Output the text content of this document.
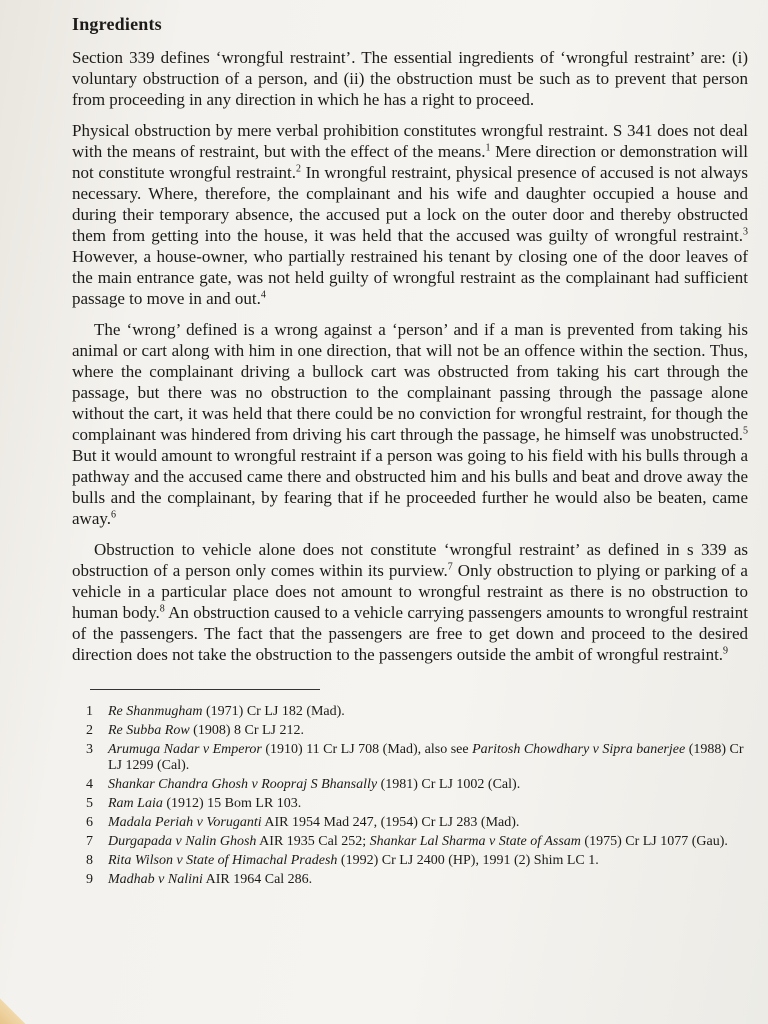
Ingredients

Section 339 defines ‘wrongful restraint’. The essential ingredients of ‘wrongful restraint’ are: (i) voluntary obstruction of a person, and (ii) the obstruction must be such as to prevent that person from proceeding in any direction in which he has a right to proceed.

Physical obstruction by mere verbal prohibition constitutes wrongful restraint. S 341 does not deal with the means of restraint, but with the effect of the means.$^1$ Mere direction or demonstration will not constitute wrongful restraint.$^2$ In wrongful restraint, physical presence of accused is not always necessary. Where, therefore, the complainant and his wife and daughter occupied a house and during their temporary absence, the accused put a lock on the outer door and thereby obstructed them from getting into the house, it was held that the accused was guilty of wrongful restraint.$^3$ However, a house-owner, who partially restrained his tenant by closing one of the door leaves of the main entrance gate, was not held guilty of wrongful restraint as the complainant had sufficient passage to move in and out.$^4$

The ‘wrong’ defined is a wrong against a ‘person’ and if a man is prevented from taking his animal or cart along with him in one direction, that will not be an offence within the section. Thus, where the complainant driving a bullock cart was obstructed from taking his cart through the passage, but there was no obstruction to the complainant passing through the passage alone without the cart, it was held that there could be no conviction for wrongful restraint, for though the complainant was hindered from driving his cart through the passage, he himself was unobstructed.$^5$ But it would amount to wrongful restraint if a person was going to his field with his bulls through a pathway and the accused came there and obstructed him and his bulls and beat and drove away the bulls and the complainant, by fearing that if he proceeded further he would also be beaten, came away.$^6$

Obstruction to vehicle alone does not constitute ‘wrongful restraint’ as defined in s 339 as obstruction of a person only comes within its purview.$^7$ Only obstruction to plying or parking of a vehicle in a particular place does not amount to wrongful restraint as there is no obstruction to human body.$^8$ An obstruction caused to a vehicle carrying passengers amounts to wrongful restraint of the passengers. The fact that the passengers are free to get down and proceed to the desired direction does not take the obstruction to the passengers outside the ambit of wrongful restraint.$^9$

1	Re Shanmugham (1971) Cr LJ 182 (Mad).
2	Re Subba Row (1908) 8 Cr LJ 212.
3	Arumuga Nadar v Emperor (1910) 11 Cr LJ 708 (Mad), also see Paritosh Chowdhary v Sipra banerjee (1988) Cr LJ 1299 (Cal).
4	Shankar Chandra Ghosh v Roopraj S Bhansally (1981) Cr LJ 1002 (Cal).
5	Ram Laia (1912) 15 Bom LR 103.
6	Madala Periah v Voruganti AIR 1954 Mad 247, (1954) Cr LJ 283 (Mad).
7	Durgapada v Nalin Ghosh AIR 1935 Cal 252; Shankar Lal Sharma v State of Assam (1975) Cr LJ 1077 (Gau).
8	Rita Wilson v State of Himachal Pradesh (1992) Cr LJ 2400 (HP), 1991 (2) Shim LC 1.
9	Madhab v Nalini AIR 1964 Cal 286.
